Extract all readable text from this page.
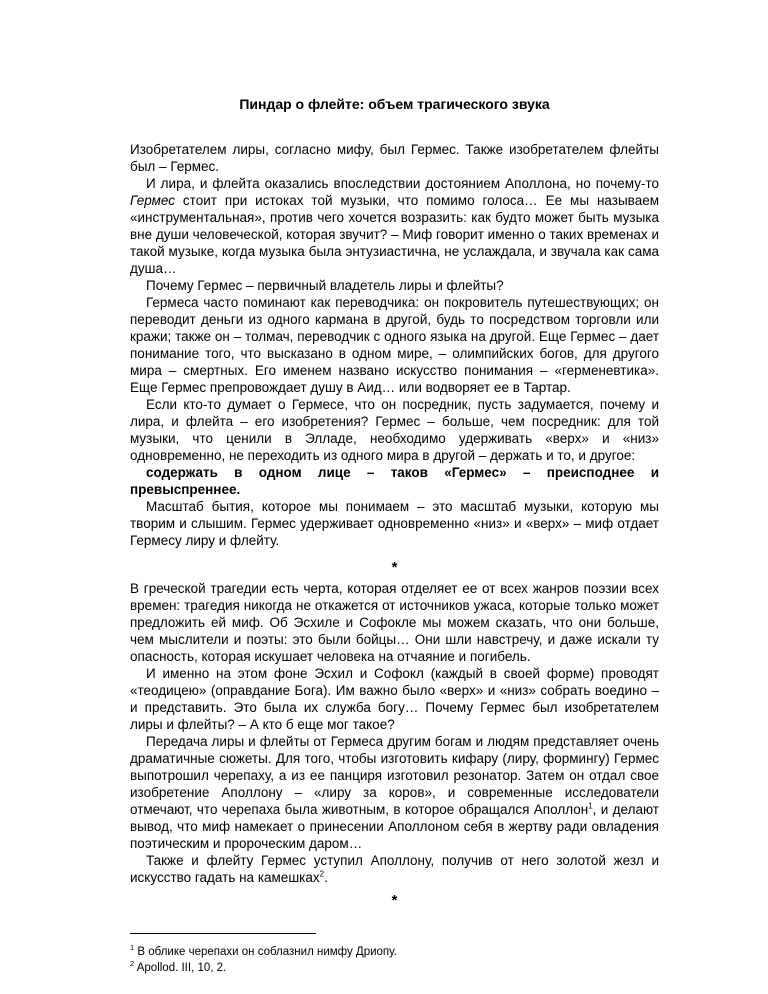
Пиндар о флейте: объем трагического звука

Изобретателем лиры, согласно мифу, был Гермес. Также изобретателем флейты был – Гермес.

И лира, и флейта оказались впоследствии достоянием Аполлона, но почему-то Гермес стоит при истоках той музыки, что помимо голоса… Ее мы называем «инструментальная», против чего хочется возразить: как будто может быть музыка вне души человеческой, которая звучит? – Миф говорит именно о таких временах и такой музыке, когда музыка была энтузиастична, не услаждала, и звучала как сама душа…

Почему Гермес – первичный владетель лиры и флейты?

Гермеса часто поминают как переводчика: он покровитель путешествующих; он переводит деньги из одного кармана в другой, будь то посредством торговли или кражи; также он – толмач, переводчик с одного языка на другой. Еще Гермес – дает понимание того, что высказано в одном мире, – олимпийских богов, для другого мира – смертных. Его именем названо искусство понимания – «герменевтика». Еще Гермес препровождает душу в Аид… или водворяет ее в Тартар.

Если кто-то думает о Гермесе, что он посредник, пусть задумается, почему и лира, и флейта – его изобретения? Гермес – больше, чем посредник: для той музыки, что ценили в Элладе, необходимо удерживать «верх» и «низ» одновременно, не переходить из одного мира в другой – держать и то, и другое:

содержать в одном лице – таков «Гермес» – преисподнее и превыспреннее.

Масштаб бытия, которое мы понимаем – это масштаб музыки, которую мы творим и слышим. Гермес удерживает одновременно «низ» и «верх» – миф отдает Гермесу лиру и флейту.

*

В греческой трагедии есть черта, которая отделяет ее от всех жанров поэзии всех времен: трагедия никогда не откажется от источников ужаса, которые только может предложить ей миф. Об Эсхиле и Софокле мы можем сказать, что они больше, чем мыслители и поэты: это были бойцы… Они шли навстречу, и даже искали ту опасность, которая искушает человека на отчаяние и погибель.

И именно на этом фоне Эсхил и Софокл (каждый в своей форме) проводят «теодицею» (оправдание Бога). Им важно было «верх» и «низ» собрать воедино – и представить. Это была их служба богу… Почему Гермес был изобретателем лиры и флейты? – А кто б еще мог такое?

Передача лиры и флейты от Гермеса другим богам и людям представляет очень драматичные сюжеты. Для того, чтобы изготовить кифару (лиру, формингу) Гермес выпотрошил черепаху, а из ее панциря изготовил резонатор. Затем он отдал свое изобретение Аполлону – «лиру за коров», и современные исследователи отмечают, что черепаха была животным, в которое обращался Аполлон$^1$, и делают вывод, что миф намекает о принесении Аполлоном себя в жертву ради овладения поэтическим и пророческим даром…

Также и флейту Гермес уступил Аполлону, получив от него золотой жезл и искусство гадать на камешках$^2$.

*
$^1$ В облике черепахи он соблазнил нимфу Дриопу.
$^2$ Apollod. III, 10, 2.
